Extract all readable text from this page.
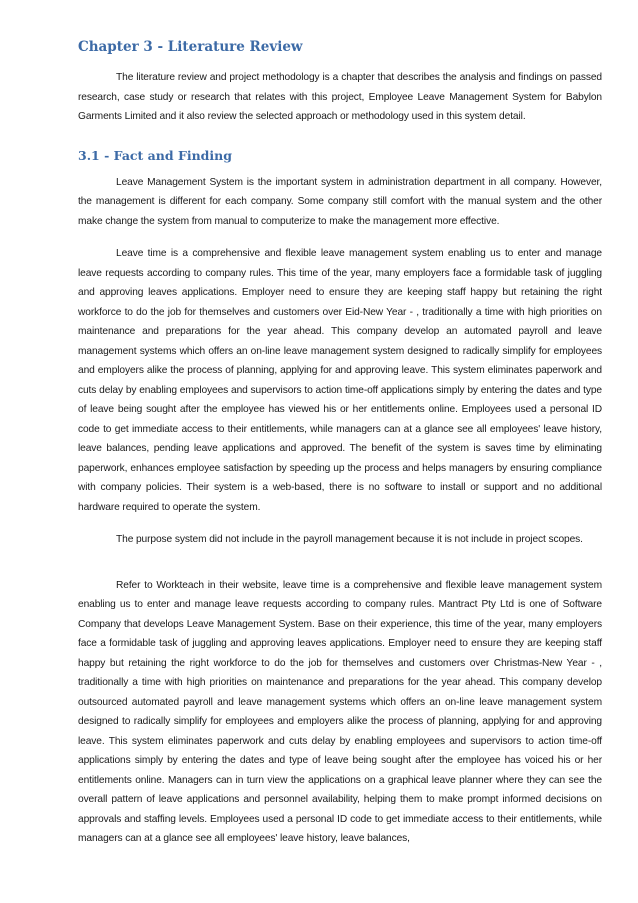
Chapter 3 - Literature Review

The literature review and project methodology is a chapter that describes the analysis and findings on passed research, case study or research that relates with this project, Employee Leave Management System for Babylon Garments Limited and it also review the selected approach or methodology used in this system detail.

3.1 - Fact and Finding

Leave Management System is the important system in administration department in all company. However, the management is different for each company. Some company still comfort with the manual system and the other make change the system from manual to computerize to make the management more effective.

Leave time is a comprehensive and flexible leave management system enabling us to enter and manage leave requests according to company rules. This time of the year, many employers face a formidable task of juggling and approving leaves applications. Employer need to ensure they are keeping staff happy but retaining the right workforce to do the job for themselves and customers over Eid-New Year - , traditionally a time with high priorities on maintenance and preparations for the year ahead. This company develop an automated payroll and leave management systems which offers an on-line leave management system designed to radically simplify for employees and employers alike the process of planning, applying for and approving leave. This system eliminates paperwork and cuts delay by enabling employees and supervisors to action time-off applications simply by entering the dates and type of leave being sought after the employee has viewed his or her entitlements online. Employees used a personal ID code to get immediate access to their entitlements, while managers can at a glance see all employees' leave history, leave balances, pending leave applications and approved. The benefit of the system is saves time by eliminating paperwork, enhances employee satisfaction by speeding up the process and helps managers by ensuring compliance with company policies. Their system is a web-based, there is no software to install or support and no additional hardware required to operate the system.

The purpose system did not include in the payroll management because it is not include in project scopes.

Refer to Workteach in their website, leave time is a comprehensive and flexible leave management system enabling us to enter and manage leave requests according to company rules. Mantract Pty Ltd is one of Software Company that develops Leave Management System. Base on their experience, this time of the year, many employers face a formidable task of juggling and approving leaves applications. Employer need to ensure they are keeping staff happy but retaining the right workforce to do the job for themselves and customers over Christmas-New Year - , traditionally a time with high priorities on maintenance and preparations for the year ahead. This company develop outsourced automated payroll and leave management systems which offers an on-line leave management system designed to radically simplify for employees and employers alike the process of planning, applying for and approving leave. This system eliminates paperwork and cuts delay by enabling employees and supervisors to action time-off applications simply by entering the dates and type of leave being sought after the employee has voiced his or her entitlements online. Managers can in turn view the applications on a graphical leave planner where they can see the overall pattern of leave applications and personnel availability, helping them to make prompt informed decisions on approvals and staffing levels. Employees used a personal ID code to get immediate access to their entitlements, while managers can at a glance see all employees' leave history, leave balances,
